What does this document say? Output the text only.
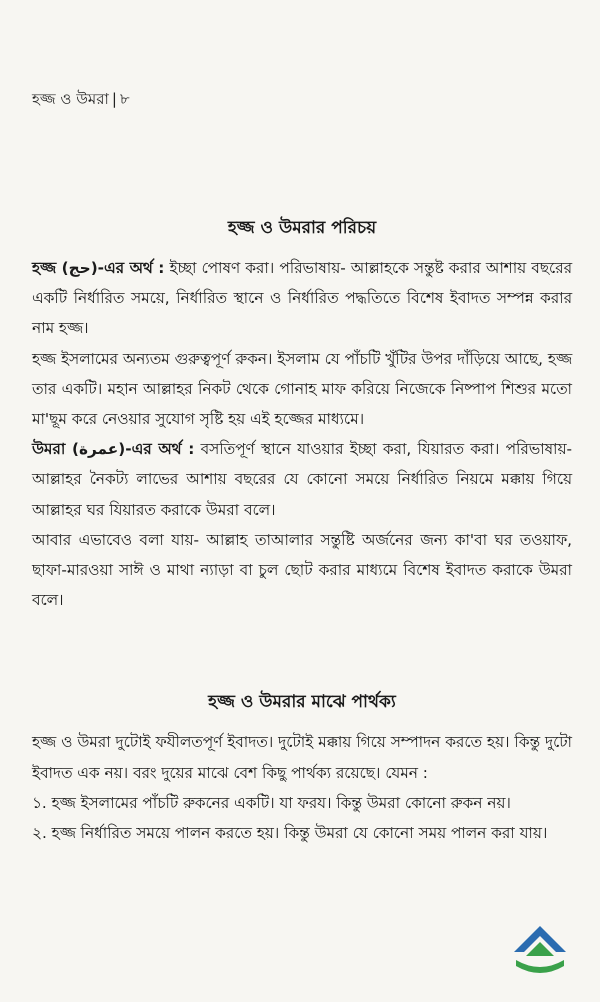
হজ্জ ও উমরা | ৮
হজ্জ ও উমরার পরিচয়

হজ্জ (حج)-এর অর্থ : ইচ্ছা পোষণ করা। পরিভাষায়- আল্লাহকে সন্তুষ্ট করার আশায় বছরের একটি নির্ধারিত সময়ে, নির্ধারিত স্থানে ও নির্ধারিত পদ্ধতিতে বিশেষ ইবাদত সম্পন্ন করার নাম হজ্জ।

হজ্জ ইসলামের অন্যতম গুরুত্বপূর্ণ রুকন। ইসলাম যে পাঁচটি খুঁটির উপর দাঁড়িয়ে আছে, হজ্জ তার একটি। মহান আল্লাহর নিকট থেকে গোনাহ মাফ করিয়ে নিজেকে নিষ্পাপ শিশুর মতো মা'ছূম করে নেওয়ার সুযোগ সৃষ্টি হয় এই হজ্জের মাধ্যমে।

উমরা (عمرة)-এর অর্থ : বসতিপূর্ণ স্থানে যাওয়ার ইচ্ছা করা, যিয়ারত করা। পরিভাষায়- আল্লাহর নৈকট্য লাভের আশায় বছরের যে কোনো সময়ে নির্ধারিত নিয়মে মক্কায় গিয়ে আল্লাহর ঘর যিয়ারত করাকে উমরা বলে।

আবার এভাবেও বলা যায়- আল্লাহ তাআলার সন্তুষ্টি অর্জনের জন্য কা'বা ঘর তওয়াফ, ছাফা-মারওয়া সাঈ ও মাথা ন্যাড়া বা চুল ছোট করার মাধ্যমে বিশেষ ইবাদত করাকে উমরা বলে।

হজ্জ ও উমরার মাঝে পার্থক্য

হজ্জ ও উমরা দুটোই ফযীলতপূর্ণ ইবাদত। দুটোই মক্কায় গিয়ে সম্পাদন করতে হয়। কিন্তু দুটো ইবাদত এক নয়। বরং দুয়ের মাঝে বেশ কিছু পার্থক্য রয়েছে। যেমন :

১. হজ্জ ইসলামের পাঁচটি রুকনের একটি। যা ফরয। কিন্তু উমরা কোনো রুকন নয়।

২. হজ্জ নির্ধারিত সময়ে পালন করতে হয়। কিন্তু উমরা যে কোনো সময় পালন করা যায়।
